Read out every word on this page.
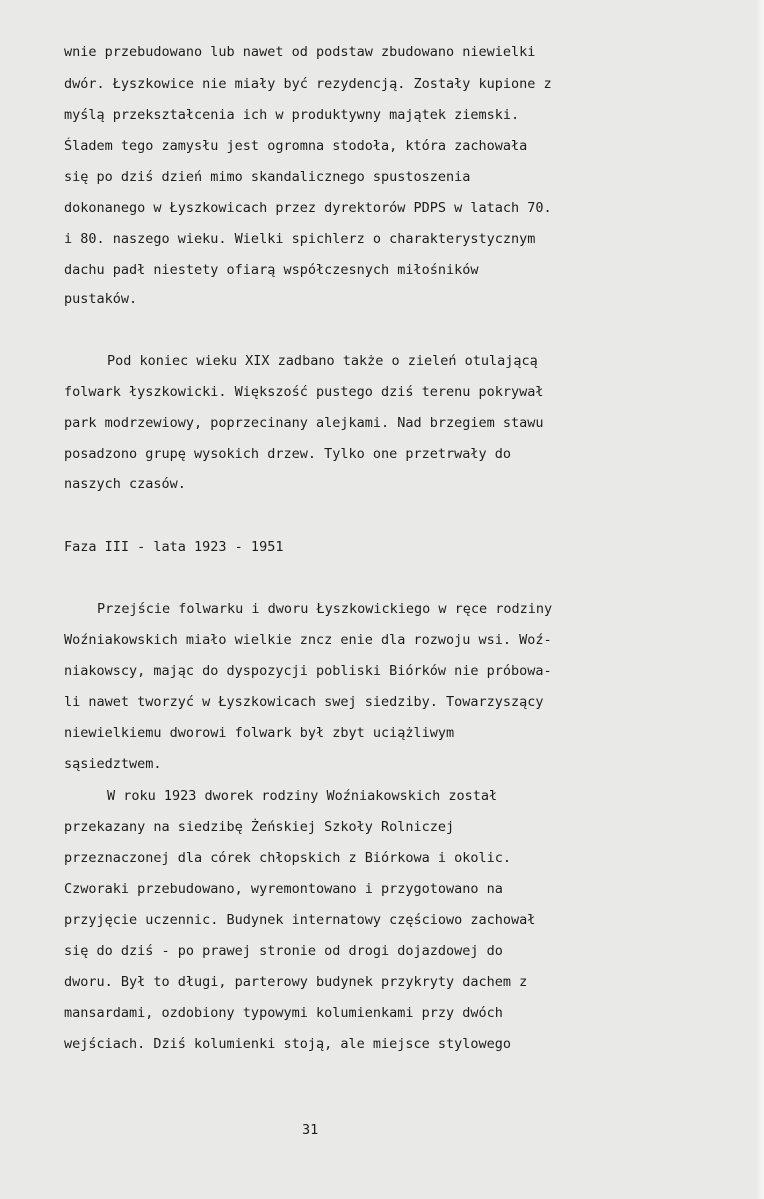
wnie przebudowano lub nawet od podstaw zbudowano niewielki

dwór. Łyszkowice nie miały być rezydencją. Zostały kupione z

myślą przekształcenia ich w produktywny majątek ziemski.

Śladem tego zamysłu jest ogromna stodoła, która zachowała

się po dziś dzień mimo skandalicznego spustoszenia

dokonanego w Łyszkowicach przez dyrektorów PDPS w latach 70.

i 80. naszego wieku. Wielki spichlerz o charakterystycznym

dachu padł niestety ofiarą współczesnych miłośników

pustaków.

Pod koniec wieku XIX zadbano także o zieleń otulającą

folwark łyszkowicki. Większość pustego dziś terenu pokrywał

park modrzewiowy, poprzecinany alejkami. Nad brzegiem stawu

posadzono grupę wysokich drzew. Tylko one przetrwały do

naszych czasów.

Faza III - lata 1923 - 1951

Przejście folwarku i dworu Łyszkowickiego w ręce rodziny

Woźniakowskich miało wielkie zncz enie dla rozwoju wsi. Woź-

niakowscy, mając do dyspozycji pobliski Biórków nie próbowa-

li nawet tworzyć w Łyszkowicach swej siedziby. Towarzyszący

niewielkiemu dworowi folwark był zbyt uciążliwym

sąsiedztwem.

W roku 1923 dworek rodziny Woźniakowskich został

przekazany na siedzibę Żeńskiej Szkoły Rolniczej

przeznaczonej dla córek chłopskich z Biórkowa i okolic.

Czworaki przebudowano, wyremontowano i przygotowano na

przyjęcie uczennic. Budynek internatowy częściowo zachował

się do dziś - po prawej stronie od drogi dojazdowej do

dworu. Był to długi, parterowy budynek przykryty dachem z

mansardami, ozdobiony typowymi kolumienkami przy dwóch

wejściach. Dziś kolumienki stoją, ale miejsce stylowego

31
